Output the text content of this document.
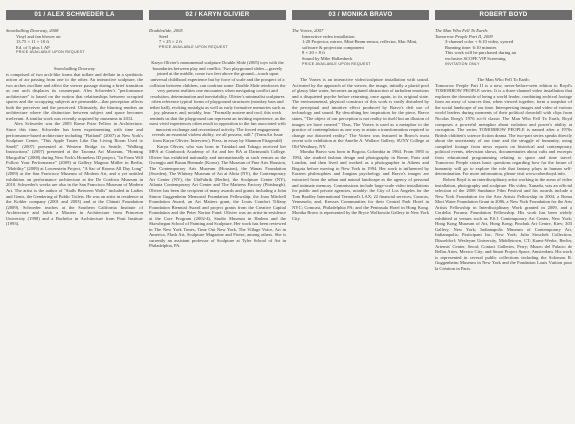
01 / ALEX SCHWEDER LA
Snowballing Doorway, 2008
Vinyl and fan blower air
13.75 × 11 × 10 ft
Ed. of 3 plus 1 AP
PRICE AVAILABLE UPON REQUEST

Snowballing Doorway

is comprised of two arch-like forms that inflate and deflate in a symbiotic action of air passing from one to the other. An interactive sculpture, the two arches oscillate and affect the viewer passage during a brief transition as one arch displaces its counterpart. Alex Schweder's "performance architecture" is based on the notion that relationships between occupied spaces and the occupying subjects are permeable—that perception affects both the perceiver and the perceived. Ultimately, the blurring renders an architecture where the distinction between subject and space becomes irrelevant. A similar work was recently acquired by museums in 2012.

Alex Schweder was the 2005 Rome Prize Fellow in Architecture. Since this time, Schweder has been experimenting with time and performance-based architecture including "Flatland" (2007) at New York's Sculpture Center, "This Apple Tastes Like Our Living Room Used to Smell" (2007) presented at Western Bridge in Seattle, "Walking Instructions" (2007) presented at the Tacoma Art Museum, "Homing Macguffin" (2008) during New York's Homeless ID project, "In Form Will Follow Your Performance" (2009) at Gallery Magnus Müller in Berlin, "Mobility" (2009) at Lowenstein Project, "A Sac of Rooms All Day Long" (2009) at the San Francisco Museum of Modern Art, and a yet untitled exhibition on performance architecture at the De Cordova Museum in 2010. Schweder's works are also in the San Francisco Museum of Modern Art. The artist is the author of "Stalls Between Walls" included in Ladies and Gents, the Gendering of Public Toilets. He was an artist in residence at the Kohler company (2001 and 2003) and at the Chinati Foundation (2009). Schweder teaches at the Southern California Institute of Architecture and holds a Masters in Architecture from Princeton University (1998) and a Bachelor in Architecture from Pratt Institute (1993).

02 / KARYN OLIVIER
Doubleslide, 2005
Steel
7 × 25 × 2 ft
PRICE AVAILABLE UPON REQUEST

Karyn Olivier's monumental sculpture Double Slide (2005) toys with the boundaries between play and conflict. Two playground slides—gravely joined at the middle, come two feet above the ground—touch upon universal childhood experience but by force of scale and the prospect of a collision between children, can confront some. Double Slide reinforces the very present realities one encounters when navigating conflict and resolution, determination and inevitability. Olivier's minimalist sculptures often reference typical forms of playground structures (monkey bars and tether ball), evoking nostalgia as well as early formative memories such as joy, pleasure, and, notably, fear. "Formally austere and cool, this work reminds us that the playground can represent an inviting experience, as the most vivid experiences often result in opposition to the fun associated with innocent exchange and recreational activity. The forced engagement reveals an essential violent ability, we all possess, still." (TransArt Issue from Karyn Olivier: Interview). Press, in essay by Shannon Fitzgerald)

Karyn Olivier, who was born in Trinidad and Tobago received her MFA at Cranbrook Academy of Art and her BA at Dartmouth College. Olivier has exhibited nationally and internationally at such venues as the Gwangju and Busan Biennale (Korea), The Museum of Fine Arts Houston, The Contemporary Arts Museum (Houston), the Wanas Foundation (Sweden), The Whitney Museum of Art at Altria (NY), the Contemporary Art Center (NY), the UfaFabrik (Berlin), the Sculpture Center (NY), Atlanta Contemporary Art Center and The Mattress Factory (Pittsburgh). Olivier has been the recipient of many awards and grants including a John Simon Guggenheim Memorial Foundation Fellowship, the Joan Mitchell Foundation Award, an Art Matters grant, the Louis Comfort Tiffany Foundation Biennial Award and project grants from the Creative Capital Foundation and the Peter Norton Fund. Olivier was an artist-in-residence at the Core Program (2002-4), Studio Museum in Harlem and the Skowhegan School of Painting and Sculpture. Her work has been reviewed in The New York Times, Time Out New York, The Village Voice, Art in America, Flash Art, Sculpture Magazine and Frieze, among others. She is currently an assistant professor of Sculpture at Tyler School of Art in Philadelphia, PA.

03 / MONIKA BRAVO
The Vortex, 2007
Interactive video installation
1:20 Projector, mirror, Mini-Beam sensor, reflector, Mac Mini, software & projection component
8 × 20 × 8 ft
Sound by Mike Hallenbeck
PRICE AVAILABLE UPON REQUEST

The Vortex is an interactive video/sculpture installation with sound. Activated by the approach of the viewer, the image, initially a placid pool of glassy blue water, becomes an agitated abstraction of turbulent emotions and a disquieted psyche before returning, once again, to its original state. The environmental, physical construct of this work is easily disturbed by the perceptual and intuitive effect produced by Bravo's deft use of technology and sound. By describing her inspiration for the piece, Bravo states, "The object of our perception is not reality in itself but an illusion of images we have created." Thus, The Vortex is used as a metaphor to the practice of contemplation as one way to attain a transformation required to change our distorted reality." The Vortex was featured in Bravo's most recent solo exhibition at the Amelie A. Wallace Gallery, SUNY College at Old Westbury, NY.

Monika Bravo was born in Bogota, Colombia in 1964. From 1985 to 1994, she studied fashion design and photography in Rome, Paris and London, and then lived and worked as a photographer in Athens and Bogota before moving to New York in 1994. Her work is influenced by Eastern philosophies and Jungian psychology and Bravo's images are extracted from the urban and natural landscape as the agency of personal and intimate memory. Commissions include large-scale video installations for public and private agencies, notably: the City of Los Angeles for the Tom Bradley International Terminal's LAX; 22 financial services, Caracas, Venezuela; and, Kresses Communities for their Central Park Hotel in NYC; Comcast, Philadelphia PA; and the Peninsula Hotel in Hong Kong. Monika Bravo is represented by the Bryce Wolkowitz Gallery in New York City.

ROBERT BOYD
The Man Who Fell To Earth:
Tomorrow People Part II, 2009
3-channel color + 6:10 video, synced
Running time: 6:10 minutes
This work will be purchased during an
exclusive SCOPE VIP Screening
INVITATION ONLY

The Man Who Fell To Earth:

Tomorrow People Part II is a new, never-before-seen edition to Boyd's TOMORROW PEOPLE series. It is a three-channel video installation that explores the downside of being a world leader, combining archival footage from an array of sources that, when viewed together, form a snapshot of the social landscape of our time. Interspersing images and video of various world leaders during moments of their political downfall with clips from Nicolas Roeg's 1976 sci-fi classic The Man Who Fell To Earth, Boyd composes a powerful metaphor about isolation and power's ability at corruption. The series TOMORROW PEOPLE is named after a 1970s British children's science fiction drama. The two-part series speaks directly about the uncertainty of our time and the struggle of humanity, using compiled footage from news reports on historical and contemporary political events, television shows, documentaries about cults and excerpts from educational programming relating to space and time travel. Tomorrow People raises basic questions regarding how far the future of humanity will go to explore the role that fantasy plays in human self-determination. For more information, please visit www.robertboyd.info.

Robert Boyd is an interdisciplinary artist working in the areas of video installation, photography and sculpture. His video, Xanadu, was an official selection of the 2008 Sundance Film Festival and his awards include a New York Foundation for the Arts Artists Fellowship in 2004, a Roma Mori Water Foundation Grant in 2006, a New York Foundation for the Arts Artists Fellowship in Interdisciplinary Work granted in 2009, and a Cordelia Forums Foundation Fellowship. His work has been widely exhibited at venues such as P.S.1 Contemporary Art Center, New York; Hong Kong Museum of Art, Hong Kong; Pinchuk Art Centre, Kiev; 303 Gallery, New York; Indianapolis Museum of Contemporary Art, Indianapolis; Participant Inc, New York; Julia Stoschek Collection, Düsseldorf; Wesleyan University, Middletown, CT; Kunst-Werke, Berlin; Artemis' Center, Seoul; Contact Galleries, Perry; Museo del Palacio de Bellas Artes, Mexico City; and Smart Project Space, Amsterdam. His work is represented in several public collections including the Solomon R. Guggenheim Museum in New York and the Fondation Louis Vuitton pour la Création in Paris.
